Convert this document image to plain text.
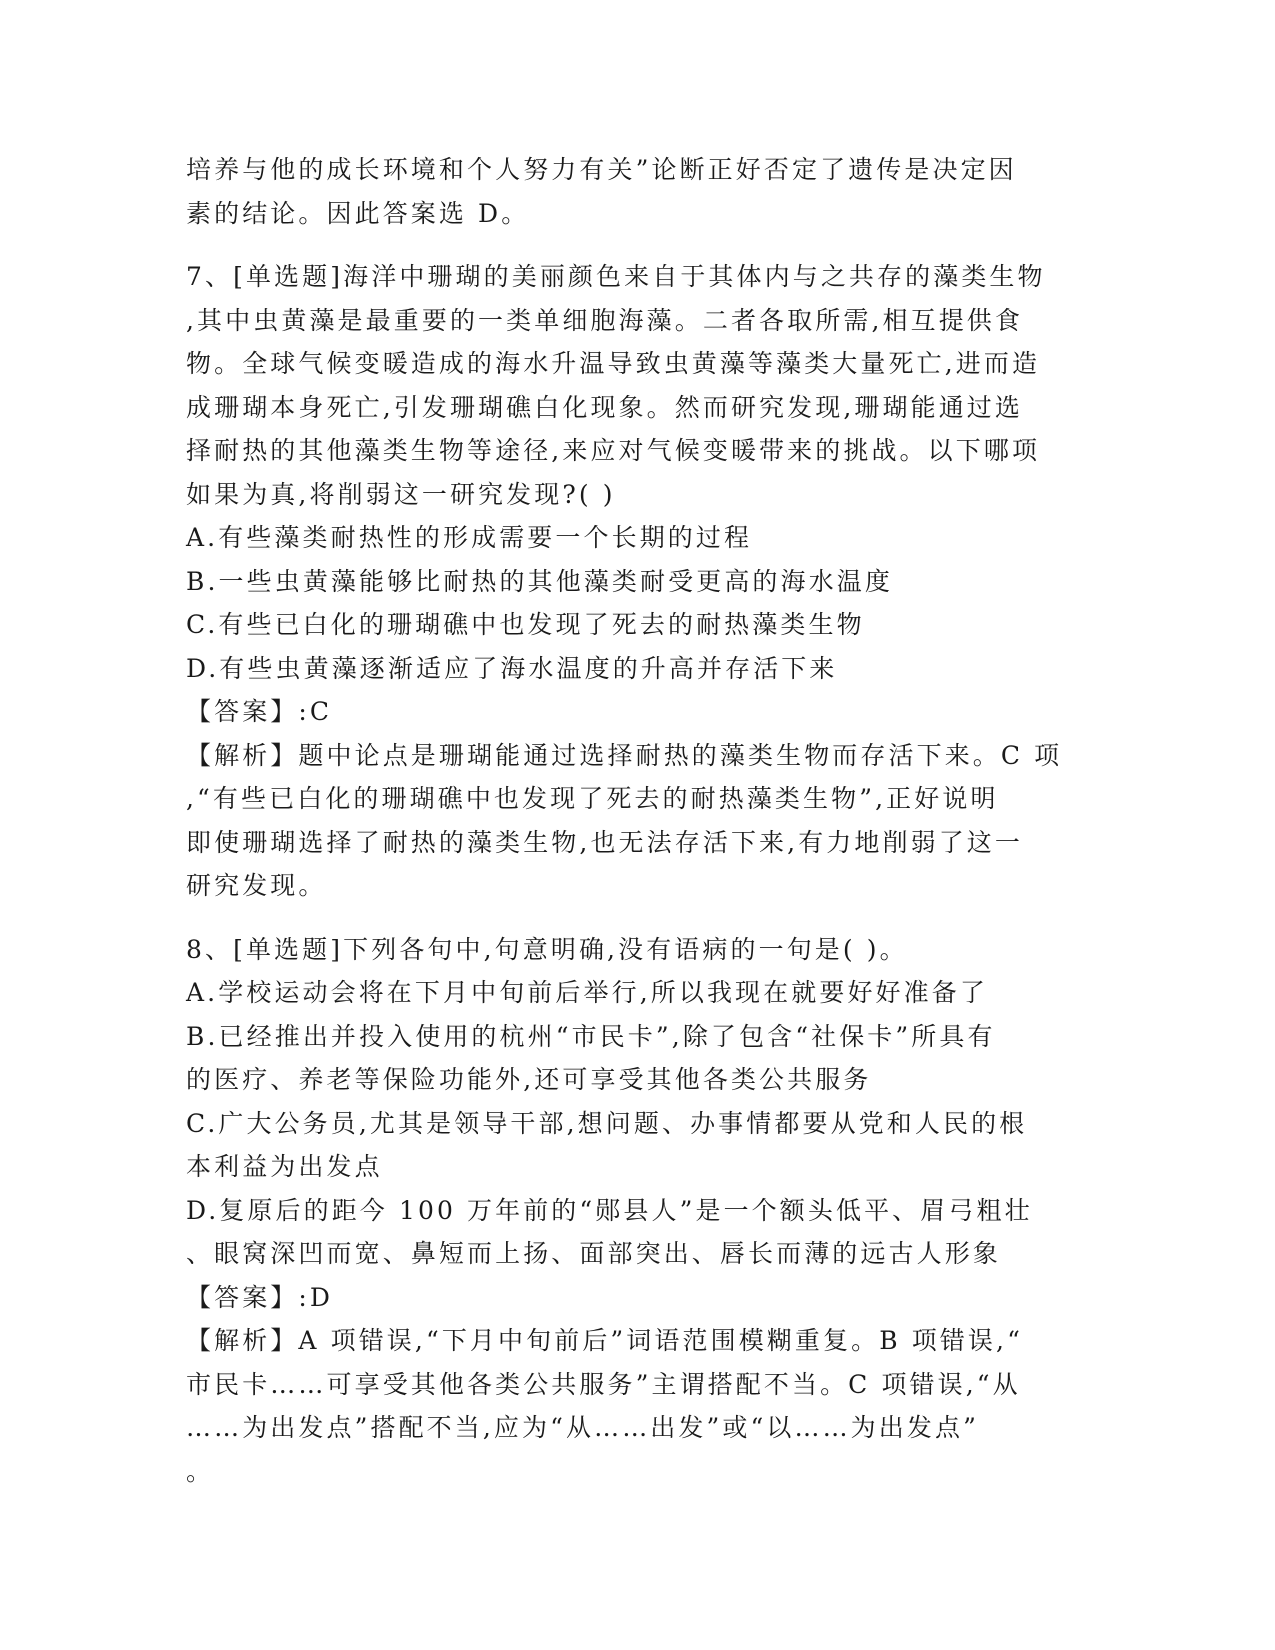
培养与他的成长环境和个人努力有关”论断正好否定了遗传是决定因
素的结论。因此答案选 D。
7、[单选题]海洋中珊瑚的美丽颜色来自于其体内与之共存的藻类生物
,其中虫黄藻是最重要的一类单细胞海藻。二者各取所需,相互提供食
物。全球气候变暖造成的海水升温导致虫黄藻等藻类大量死亡,进而造
成珊瑚本身死亡,引发珊瑚礁白化现象。然而研究发现,珊瑚能通过选
择耐热的其他藻类生物等途径,来应对气候变暖带来的挑战。以下哪项
如果为真,将削弱这一研究发现?( )
A.有些藻类耐热性的形成需要一个长期的过程
B.一些虫黄藻能够比耐热的其他藻类耐受更高的海水温度
C.有些已白化的珊瑚礁中也发现了死去的耐热藻类生物
D.有些虫黄藻逐渐适应了海水温度的升高并存活下来
【答案】:C
【解析】题中论点是珊瑚能通过选择耐热的藻类生物而存活下来。C 项
,“有些已白化的珊瑚礁中也发现了死去的耐热藻类生物”,正好说明
即使珊瑚选择了耐热的藻类生物,也无法存活下来,有力地削弱了这一
研究发现。
8、[单选题]下列各句中,句意明确,没有语病的一句是( )。
A.学校运动会将在下月中旬前后举行,所以我现在就要好好准备了
B.已经推出并投入使用的杭州“市民卡”,除了包含“社保卡”所具有
的医疗、养老等保险功能外,还可享受其他各类公共服务
C.广大公务员,尤其是领导干部,想问题、办事情都要从党和人民的根
本利益为出发点
D.复原后的距今 100 万年前的“郧县人”是一个额头低平、眉弓粗壮
、眼窝深凹而宽、鼻短而上扬、面部突出、唇长而薄的远古人形象
【答案】:D
【解析】A 项错误,“下月中旬前后”词语范围模糊重复。B 项错误,“
市民卡……可享受其他各类公共服务”主谓搭配不当。C 项错误,“从
……为出发点”搭配不当,应为“从……出发”或“以……为出发点”
。
